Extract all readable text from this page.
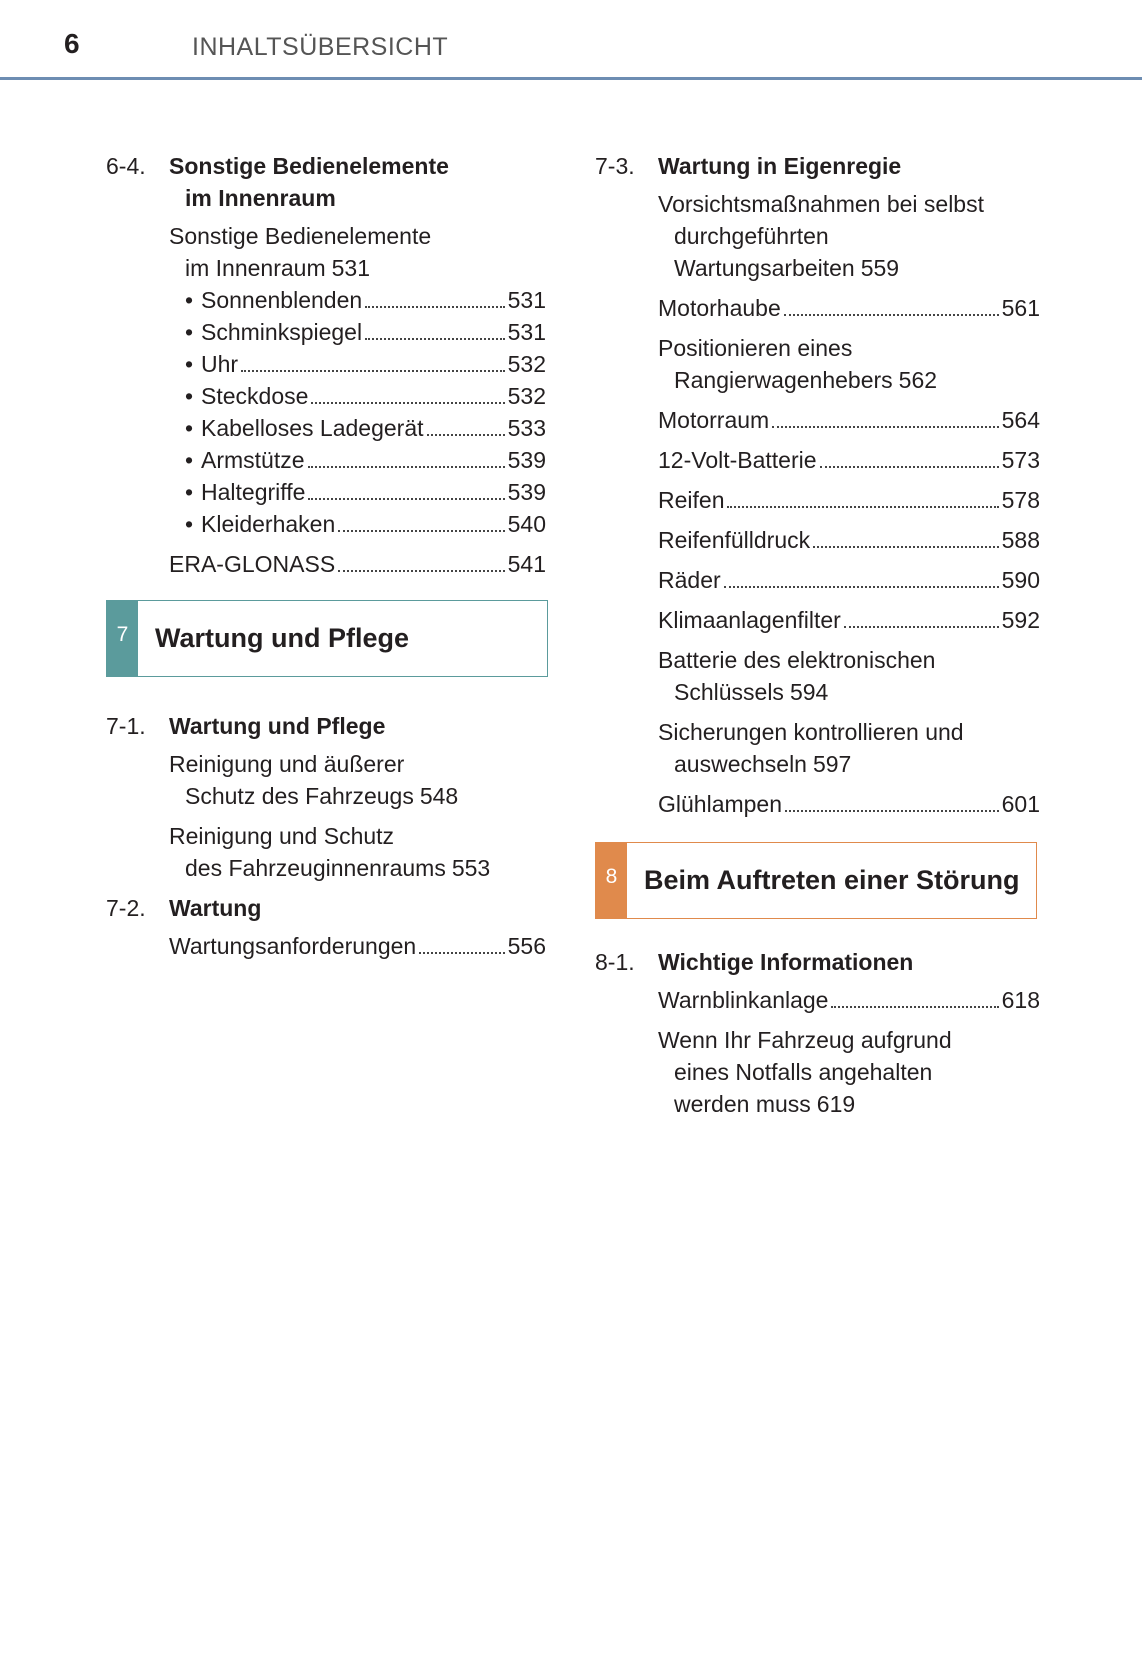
6	INHALTSÜBERSICHT
6-4.	Sonstige Bedienelemente
im Innenraum
Sonstige Bedienelemente
im Innenraum 531
• Sonnenblenden	531
• Schminkspiegel	531
• Uhr	532
• Steckdose	532
• Kabelloses Ladegerät	533
• Armstütze	539
• Haltegriffe	539
• Kleiderhaken	540
ERA-GLONASS	541
7 Wartung und Pflege
7-1.	Wartung und Pflege
Reinigung und äußerer
Schutz des Fahrzeugs 548
Reinigung und Schutz
des Fahrzeuginnenraums 553
7-2.	Wartung
Wartungsanforderungen	556
7-3.	Wartung in Eigenregie
Vorsichtsmaßnahmen bei selbst
durchgeführten
Wartungsarbeiten 559
Motorhaube	561
Positionieren eines
Rangierwagenhebers 562
Motorraum	564
12-Volt-Batterie	573
Reifen	578
Reifenfülldruck	588
Räder	590
Klimaanlagenfilter	592
Batterie des elektronischen
Schlüssels 594
Sicherungen kontrollieren und
auswechseln 597
Glühlampen	601
8 Beim Auftreten einer Störung
8-1.	Wichtige Informationen
Warnblinkanlage	618
Wenn Ihr Fahrzeug aufgrund
eines Notfalls angehalten
werden muss 619
